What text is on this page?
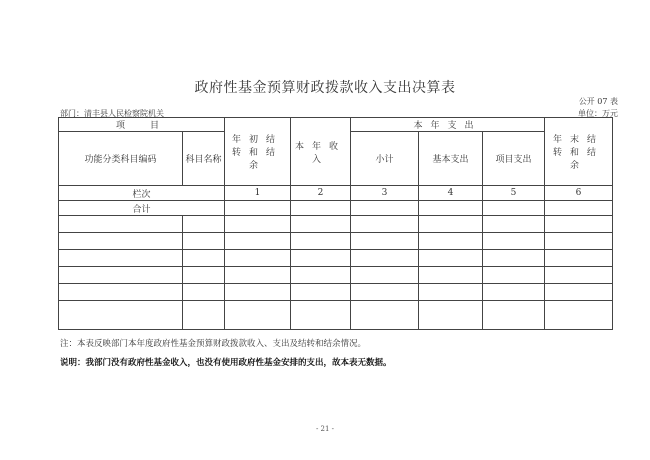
政府性基金预算财政拨款收入支出决算表
公开 07 表
部门：清丰县人民检察院机关	单位：万元
项　目		年初结转和结余	本年收入	本年支出			年末结转和结余
功能分类科目编码	科目名称			小计	基本支出	项目支出	
栏次		1	2	3	4	5	6
合计							

注：本表反映部门本年度政府性基金预算财政拨款收入、支出及结转和结余情况。
说明：我部门没有政府性基金收入，也没有使用政府性基金安排的支出，故本表无数据。
- 21 -
